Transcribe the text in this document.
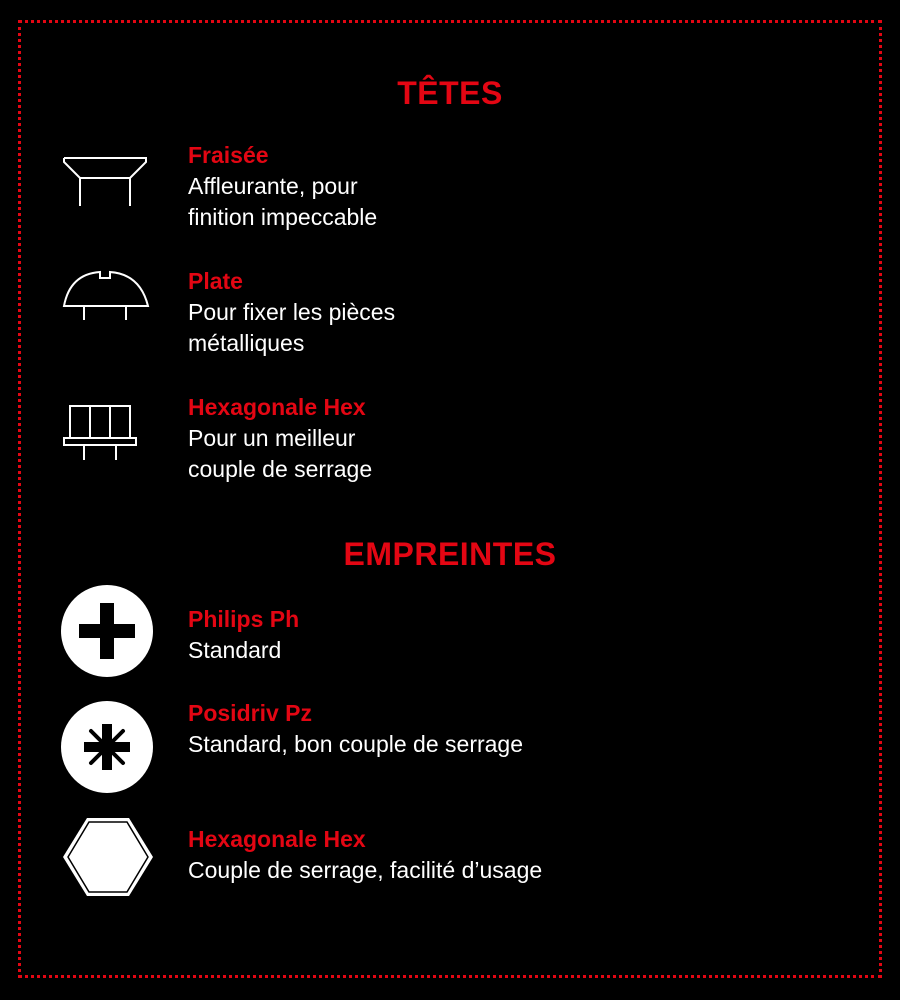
TÊTES
Fraisée
Affleurante, pour
finition impeccable
Plate
Pour fixer les pièces
métalliques
Hexagonale Hex
Pour un meilleur
couple de serrage
EMPREINTES
Philips Ph
Standard
Posidriv Pz
Standard, bon couple de serrage
Hexagonale Hex
Couple de serrage, facilité d’usage
